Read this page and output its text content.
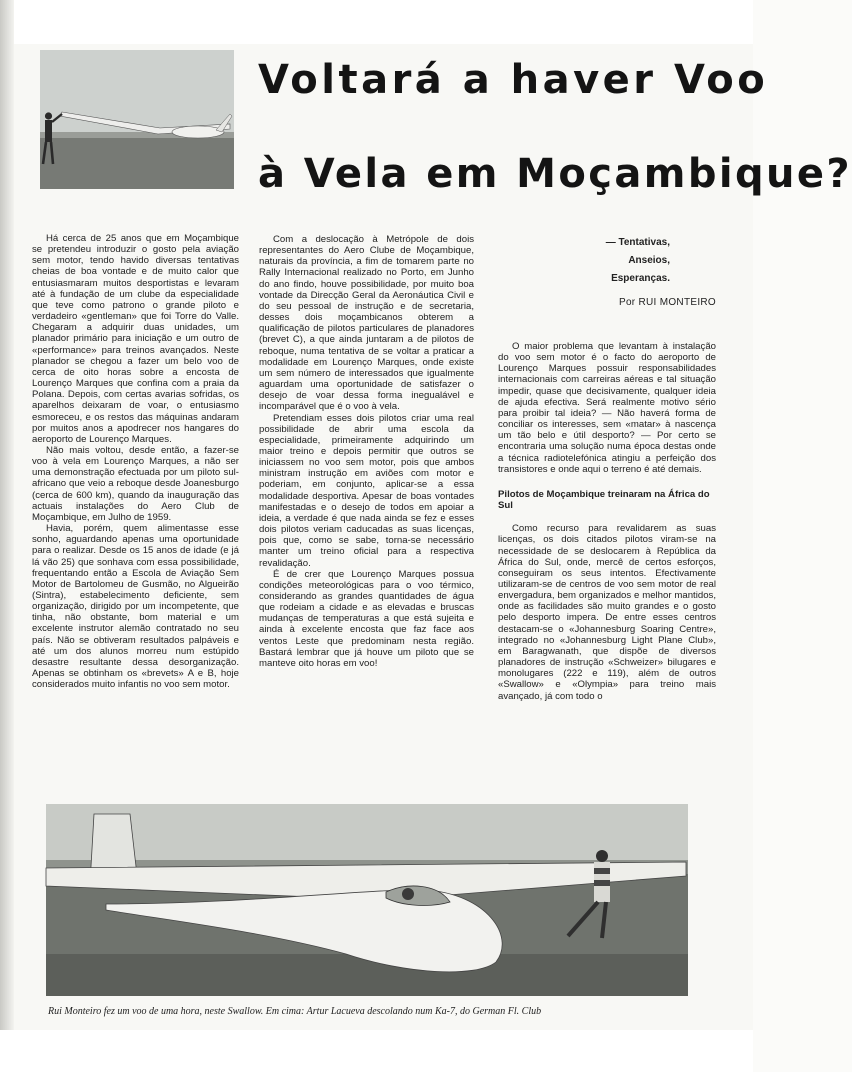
Voltará a haver Voo
à Vela em Moçambique?

Há cerca de 25 anos que em Moçambique se pretendeu introduzir o gosto pela aviação sem motor, tendo havido diversas tentativas cheias de boa vontade e de muito calor que entusiasmaram muitos desportistas e levaram até à fundação de um clube da especialidade que teve como patrono o grande piloto e verdadeiro «gentleman» que foi Torre do Valle. Chegaram a adquirir duas unidades, um planador primário para iniciação e um outro de «performance» para treinos avançados. Neste planador se chegou a fazer um belo voo de cerca de oito horas sobre a encosta de Lourenço Marques que confina com a praia da Polana. Depois, com certas avarias sofridas, os aparelhos deixaram de voar, o entusiasmo esmoreceu, e os restos das máquinas andaram por muitos anos a apodrecer nos hangares do aeroporto de Lourenço Marques.

Não mais voltou, desde então, a fazer-se voo à vela em Lourenço Marques, a não ser uma demonstração efectuada por um piloto sul-africano que veio a reboque desde Joanesburgo (cerca de 600 km), quando da inauguração das actuais instalações do Aero Club de Moçambique, em Julho de 1959.

Havia, porém, quem alimentasse esse sonho, aguardando apenas uma oportunidade para o realizar. Desde os 15 anos de idade (e já lá vão 25) que sonhava com essa possibilidade, frequentando então a Escola de Aviação Sem Motor de Bartolomeu de Gusmão, no Algueirão (Sintra), estabelecimento deficiente, sem organização, dirigido por um incompetente, que tinha, não obstante, bom material e um excelente instrutor alemão contratado no seu país. Não se obtiveram resultados palpáveis e até um dos alunos morreu num estúpido desastre resultante dessa desorganização. Apenas se obtinham os «brevets» A e B, hoje considerados muito infantis no voo sem motor.

Com a deslocação à Metrópole de dois representantes do Aero Clube de Moçambique, naturais da província, a fim de tomarem parte no Rally Internacional realizado no Porto, em Junho do ano findo, houve possibilidade, por muito boa vontade da Direcção Geral da Aeronáutica Civil e do seu pessoal de instrução e de secretaria, desses dois moçambicanos obterem a qualificação de pilotos particulares de planadores (brevet C), a que ainda juntaram a de pilotos de reboque, numa tentativa de se voltar a praticar a modalidade em Lourenço Marques, onde existe um sem número de interessados que igualmente aguardam uma oportunidade de satisfazer o desejo de voar dessa forma inegualável e incomparável que é o voo à vela.

Pretendiam esses dois pilotos criar uma real possibilidade de abrir uma escola da especialidade, primeiramente adquirindo um maior treino e depois permitir que outros se iniciassem no voo sem motor, pois que ambos ministram instrução em aviões com motor e poderiam, em conjunto, aplicar-se a essa modalidade desportiva. Apesar de boas vontades manifestadas e o desejo de todos em apoiar a ideia, a verdade é que nada ainda se fez e esses dois pilotos veriam caducadas as suas licenças, pois que, como se sabe, torna-se necessário manter um treino oficial para a respectiva revalidação.

É de crer que Lourenço Marques possua condições meteorológicas para o voo térmico, considerando as grandes quantidades de água que rodeiam a cidade e as elevadas e bruscas mudanças de temperaturas a que está sujeita e ainda à excelente encosta que faz face aos ventos Leste que predominam nesta região. Bastará lembrar que já houve um piloto que se manteve oito horas em voo!

— Tentativas,
Anseios,
Esperanças.
Por RUI MONTEIRO

O maior problema que levantam à instalação do voo sem motor é o facto do aeroporto de Lourenço Marques possuir responsabilidades internacionais com carreiras aéreas e tal situação impedir, quase que decisivamente, qualquer ideia de ajuda efectiva. Será realmente motivo sério para proibir tal ideia? — Não haverá forma de conciliar os interesses, sem «matar» à nascença um tão belo e útil desporto? — Por certo se encontraria uma solução numa época destas onde a técnica radiotelefónica atingiu a perfeição dos transistores e onde aqui o terreno é até demais.

Pilotos de Moçambique treinaram na África do Sul

Como recurso para revalidarem as suas licenças, os dois citados pilotos viram-se na necessidade de se deslocarem à República da África do Sul, onde, mercê de certos esforços, conseguiram os seus intentos. Efectivamente utilizaram-se de centros de voo sem motor de real envergadura, bem organizados e melhor mantidos, onde as facilidades são muito grandes e o gosto pelo desporto impera. De entre esses centros destacam-se o «Johannesburg Soaring Centre», integrado no «Johannesburg Light Plane Club», em Baragwanath, que dispõe de diversos planadores de instrução «Schweizer» bilugares e monolugares (222 e 119), além de outros «Swallow» e «Olympia» para treino mais avançado, já com todo o

Rui Monteiro fez um voo de uma hora, neste Swallow. Em cima: Artur Lacueva descolando num Ka-7, do German Fl. Club
